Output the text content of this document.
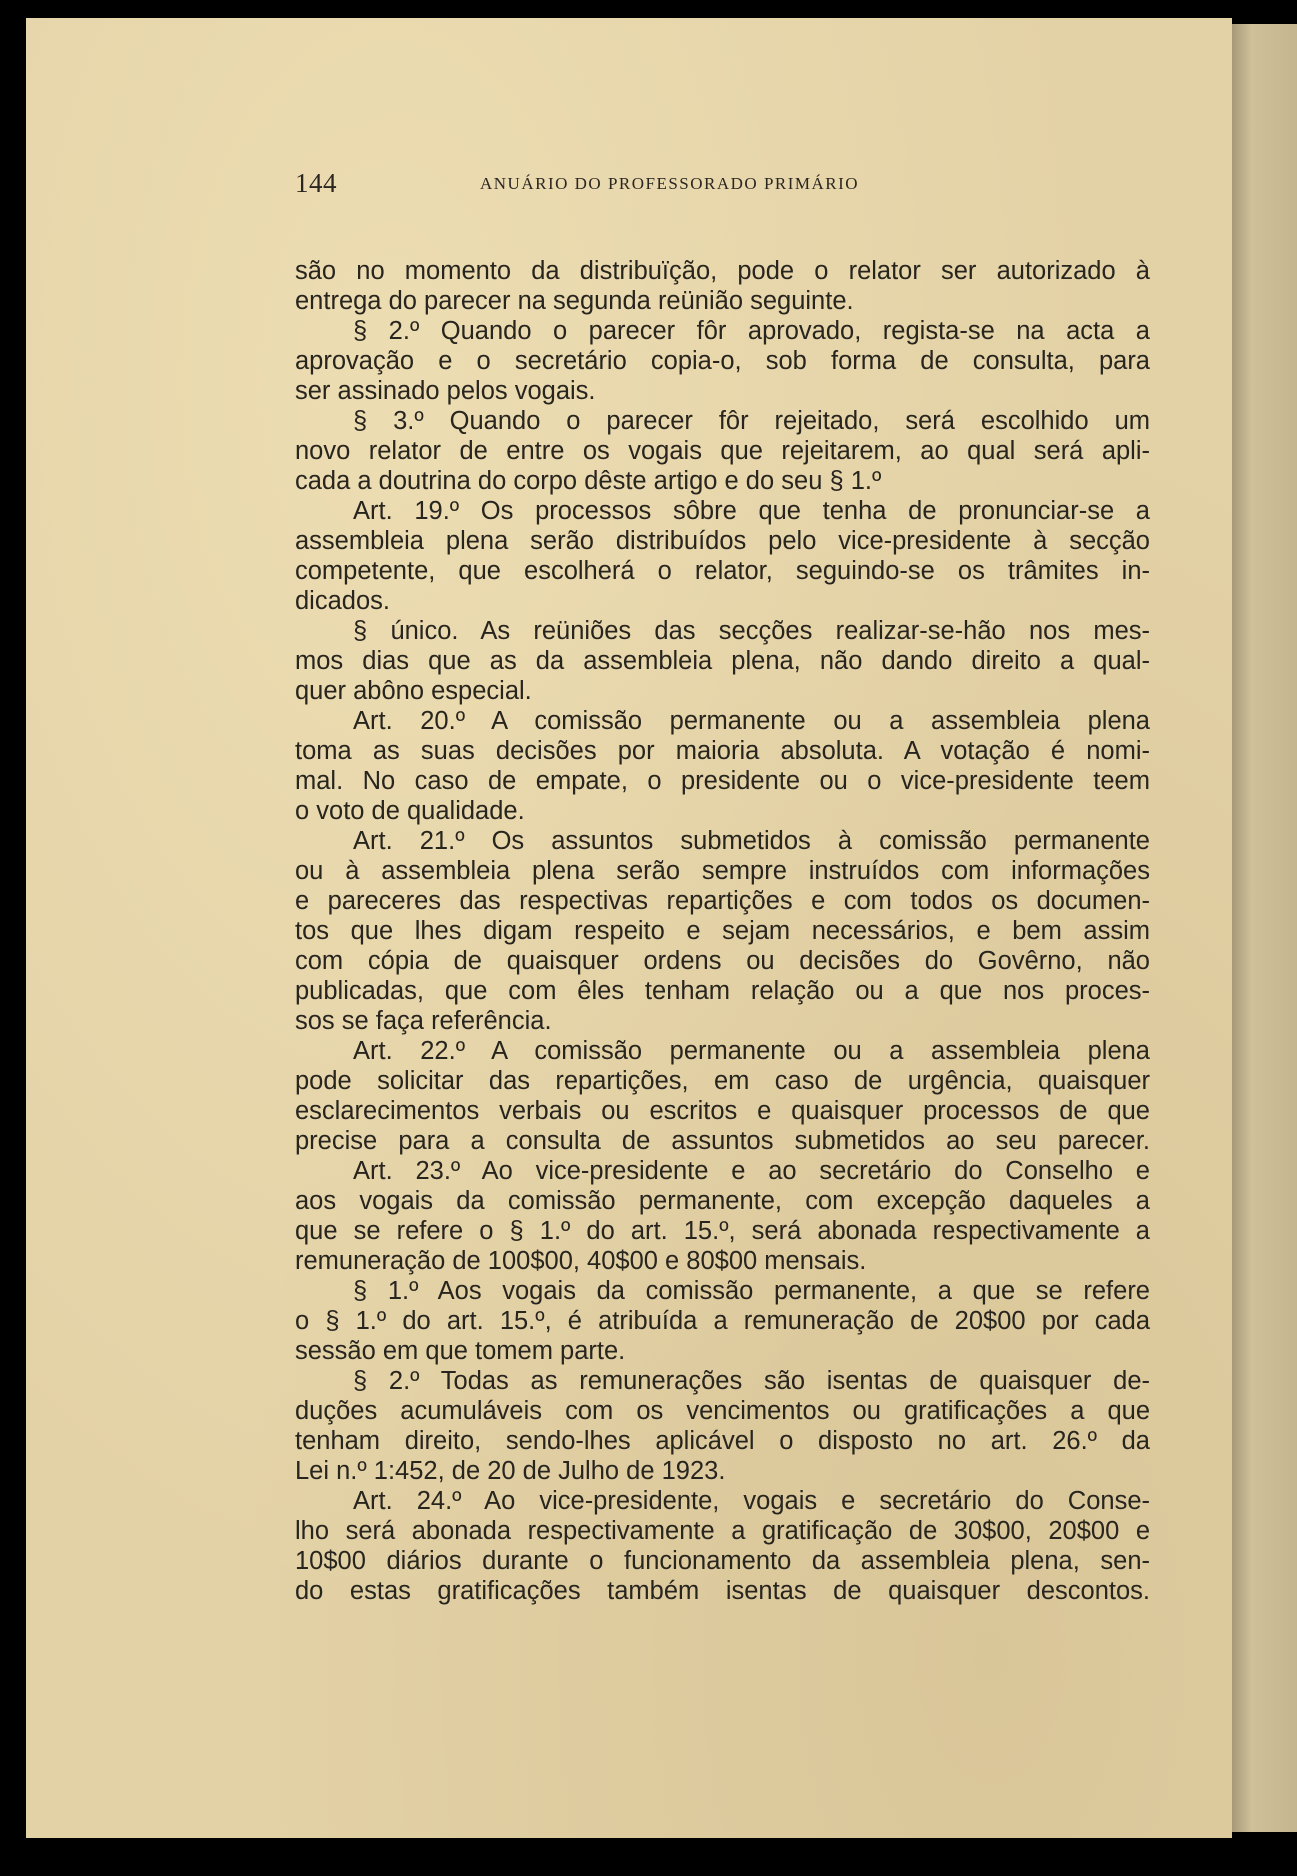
144	ANUÁRIO DO PROFESSORADO PRIMÁRIO
são no momento da distribuïção, pode o relator ser autorizado à
entrega do parecer na segunda reünião seguinte.
§ 2.º Quando o parecer fôr aprovado, regista-se na acta a
aprovação e o secretário copia-o, sob forma de consulta, para
ser assinado pelos vogais.
§ 3.º Quando o parecer fôr rejeitado, será escolhido um
novo relator de entre os vogais que rejeitarem, ao qual será apli-
cada a doutrina do corpo dêste artigo e do seu § 1.º
Art. 19.º Os processos sôbre que tenha de pronunciar-se a
assembleia plena serão distribuídos pelo vice-presidente à secção
competente, que escolherá o relator, seguindo-se os trâmites in-
dicados.
§ único. As reüniões das secções realizar-se-hão nos mes-
mos dias que as da assembleia plena, não dando direito a qual-
quer abôno especial.
Art. 20.º A comissão permanente ou a assembleia plena
toma as suas decisões por maioria absoluta. A votação é nomi-
mal. No caso de empate, o presidente ou o vice-presidente teem
o voto de qualidade.
Art. 21.º Os assuntos submetidos à comissão permanente
ou à assembleia plena serão sempre instruídos com informações
e pareceres das respectivas repartições e com todos os documen-
tos que lhes digam respeito e sejam necessários, e bem assim
com cópia de quaisquer ordens ou decisões do Govêrno, não
publicadas, que com êles tenham relação ou a que nos proces-
sos se faça referência.
Art. 22.º A comissão permanente ou a assembleia plena
pode solicitar das repartições, em caso de urgência, quaisquer
esclarecimentos verbais ou escritos e quaisquer processos de que
precise para a consulta de assuntos submetidos ao seu parecer.
Art. 23.º Ao vice-presidente e ao secretário do Conselho e
aos vogais da comissão permanente, com excepção daqueles a
que se refere o § 1.º do art. 15.º, será abonada respectivamente a
remuneração de 100$00, 40$00 e 80$00 mensais.
§ 1.º Aos vogais da comissão permanente, a que se refere
o § 1.º do art. 15.º, é atribuída a remuneração de 20$00 por cada
sessão em que tomem parte.
§ 2.º Todas as remunerações são isentas de quaisquer de-
duções acumuláveis com os vencimentos ou gratificações a que
tenham direito, sendo-lhes aplicável o disposto no art. 26.º da
Lei n.º 1:452, de 20 de Julho de 1923.
Art. 24.º Ao vice-presidente, vogais e secretário do Conse-
lho será abonada respectivamente a gratificação de 30$00, 20$00 e
10$00 diários durante o funcionamento da assembleia plena, sen-
do estas gratificações também isentas de quaisquer descontos.
